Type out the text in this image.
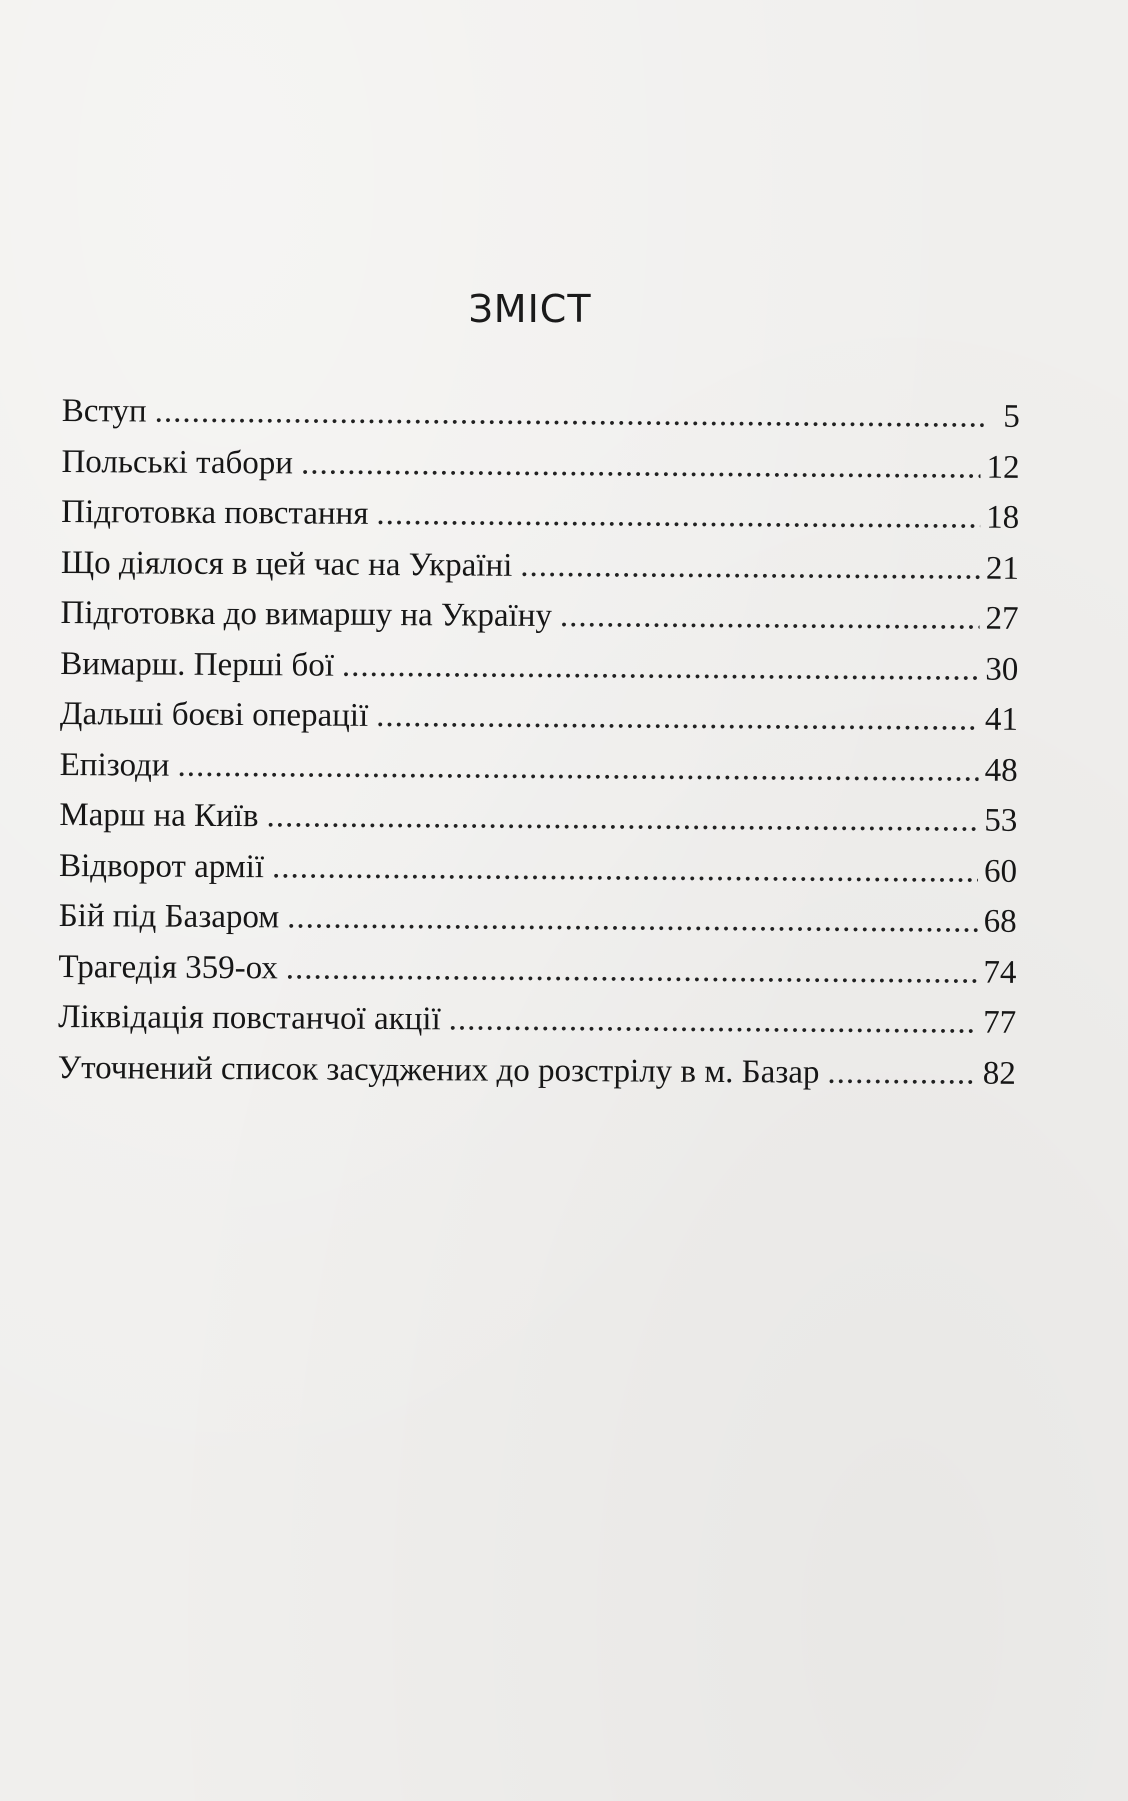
ЗМІСТ
Вступ .....	5
Польські табори .....	12
Підготовка повстання .....	18
Що діялося в цей час на Україні .....	21
Підготовка до вимаршу на Україну .....	27
Вимарш. Перші бої .....	30
Дальші боєві операції .....	41
Епізоди .....	48
Марш на Київ .....	53
Відворот армії .....	60
Бій під Базаром .....	68
Трагедія 359-ох .....	74
Ліквідація повстанчої акції .....	77
Уточнений список засуджених до розстрілу в м. Базар .....	82
